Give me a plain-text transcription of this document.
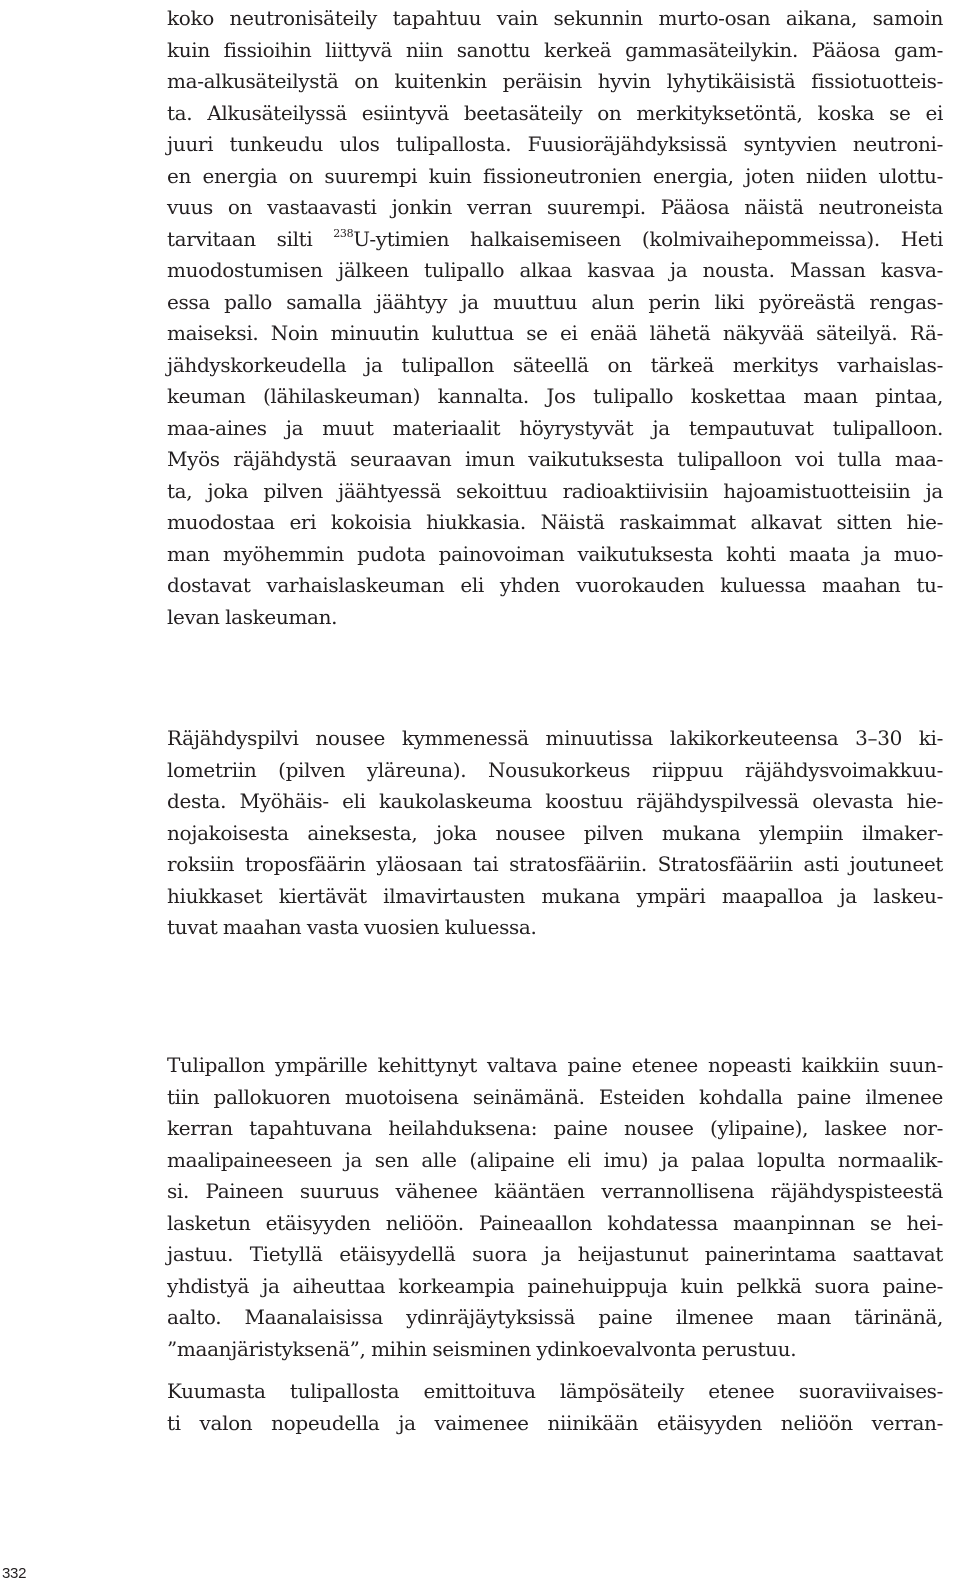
koko neutronisäteily tapahtuu vain sekunnin murto-osan aikana, samoin
kuin fissioihin liittyvä niin sanottu kerkeä gammasäteilykin. Pääosa gam-
ma-alkusäteilystä on kuitenkin peräisin hyvin lyhytikäisistä fissiotuotteis-
ta. Alkusäteilyssä esiintyvä beetasäteily on merkityksetöntä, koska se ei
juuri tunkeudu ulos tulipallosta. Fuusioräjähdyksissä syntyvien neutroni-
en energia on suurempi kuin fissioneutronien energia, joten niiden ulottu-
vuus on vastaavasti jonkin verran suurempi. Pääosa näistä neutroneista
tarvitaan silti $^{238}$U-ytimien halkaisemiseen (kolmivaihepommeissa). Heti
muodostumisen jälkeen tulipallo alkaa kasvaa ja nousta. Massan kasva-
essa pallo samalla jäähtyy ja muuttuu alun perin liki pyöreästä rengas-
maiseksi. Noin minuutin kuluttua se ei enää lähetä näkyvää säteilyä. Rä-
jähdyskorkeudella ja tulipallon säteellä on tärkeä merkitys varhaislas-
keuman (lähilaskeuman) kannalta. Jos tulipallo koskettaa maan pintaa,
maa-aines ja muut materiaalit höyrystyvät ja tempautuvat tulipalloon.
Myös räjähdystä seuraavan imun vaikutuksesta tulipalloon voi tulla maa-
ta, joka pilven jäähtyessä sekoittuu radioaktiivisiin hajoamistuotteisiin ja
muodostaa eri kokoisia hiukkasia. Näistä raskaimmat alkavat sitten hie-
man myöhemmin pudota painovoiman vaikutuksesta kohti maata ja muo-
dostavat varhaislaskeuman eli yhden vuorokauden kuluessa maahan tu-
levan laskeuman.
Räjähdyspilvi nousee kymmenessä minuutissa lakikorkeuteensa 3–30 ki-
lometriin (pilven yläreuna). Nousukorkeus riippuu räjähdysvoimakkuu-
desta. Myöhäis- eli kaukolaskeuma koostuu räjähdyspilvessä olevasta hie-
nojakoisesta aineksesta, joka nousee pilven mukana ylempiin ilmaker-
roksiin troposfäärin yläosaan tai stratosfääriin. Stratosfääriin asti joutuneet
hiukkaset kiertävät ilmavirtausten mukana ympäri maapalloa ja laskeu-
tuvat maahan vasta vuosien kuluessa.
Tulipallon ympärille kehittynyt valtava paine etenee nopeasti kaikkiin suun-
tiin pallokuoren muotoisena seinämänä. Esteiden kohdalla paine ilmenee
kerran tapahtuvana heilahduksena: paine nousee (ylipaine), laskee nor-
maalipaineeseen ja sen alle (alipaine eli imu) ja palaa lopulta normaalik-
si. Paineen suuruus vähenee kääntäen verrannollisena räjähdyspisteestä
lasketun etäisyyden neliöön. Paineaallon kohdatessa maanpinnan se hei-
jastuu. Tietyllä etäisyydellä suora ja heijastunut painerintama saattavat
yhdistyä ja aiheuttaa korkeampia painehuippuja kuin pelkkä suora paine-
aalto. Maanalaisissa ydinräjäytyksissä paine ilmenee maan tärinänä,
”maanjäristyksenä”, mihin seisminen ydinkoevalvonta perustuu.
Kuumasta tulipallosta emittoituva lämpösäteily etenee suoraviivaises-
ti valon nopeudella ja vaimenee niinikään etäisyyden neliöön verran-
332
